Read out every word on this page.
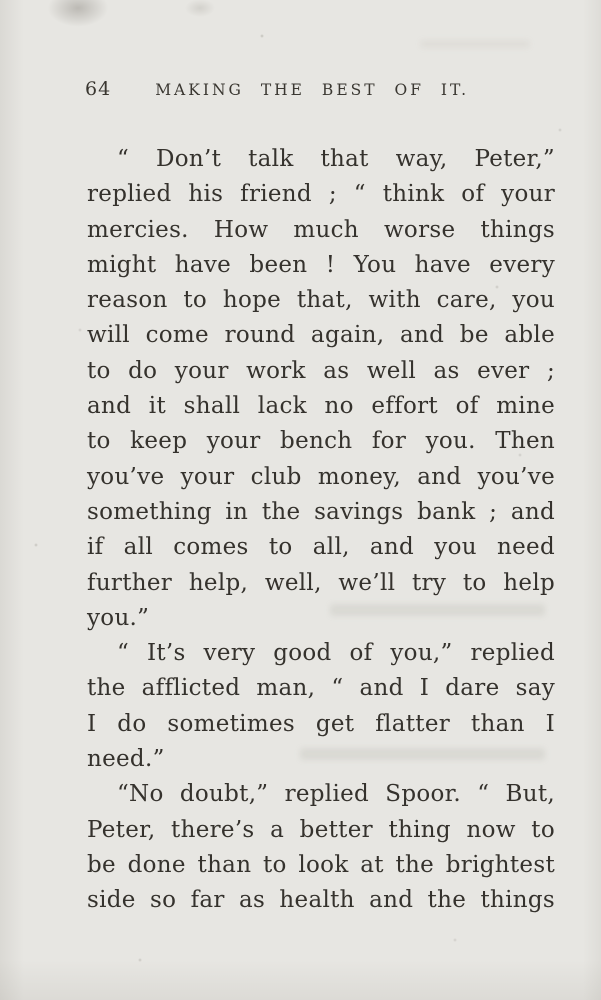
64	MAKING THE BEST OF IT.
“ Don’t talk that way, Peter,”
replied his friend ; “ think of your
mercies. How much worse things
might have been ! You have every
reason to hope that, with care, you
will come round again, and be able
to do your work as well as ever ;
and it shall lack no effort of mine
to keep your bench for you. Then
you’ve your club money, and you’ve
something in the savings bank ; and
if all comes to all, and you need
further help, well, we’ll try to help
you.”
“ It’s very good of you,” replied
the afflicted man, “ and I dare say
I do sometimes get flatter than I
need.”
“No doubt,” replied Spoor. “ But,
Peter, there’s a better thing now to
be done than to look at the brightest
side so far as health and the things
